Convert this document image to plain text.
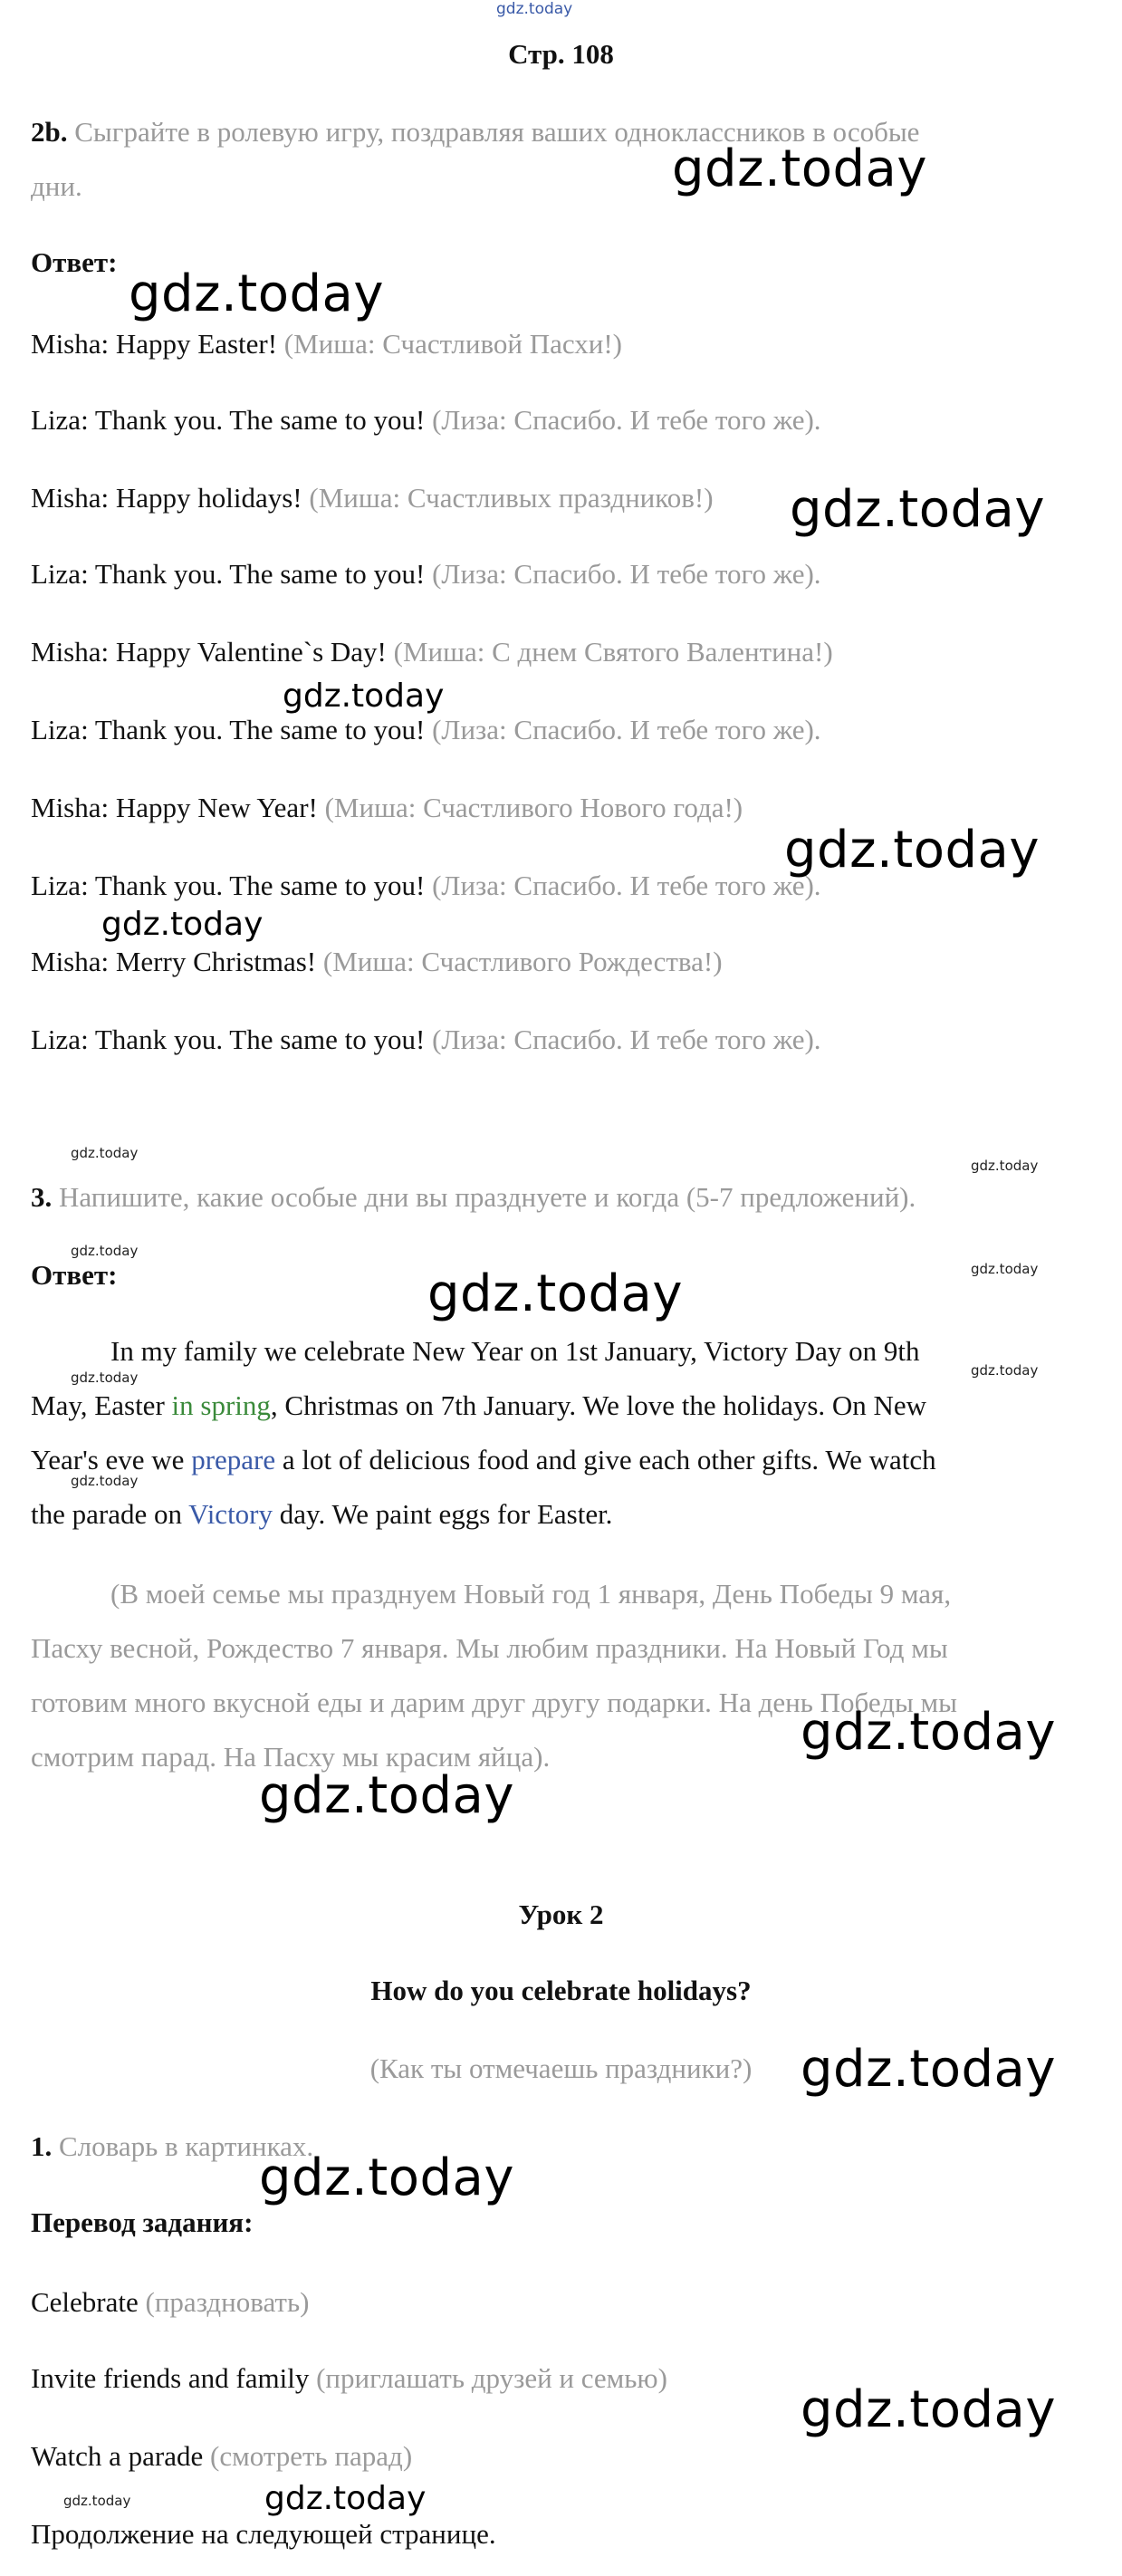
gdz.today
Стр. 108
2b. Сыграйте в ролевую игру, поздравляя ваших одноклассников в особые
дни.
Ответ:
Misha: Happy Easter! (Миша: Счастливой Пасхи!)
Liza: Thank you. The same to you! (Лиза: Спасибо. И тебе того же).
Misha: Happy holidays! (Миша: Счастливых праздников!)
Liza: Thank you. The same to you! (Лиза: Спасибо. И тебе того же).
Misha: Happy Valentine`s Day! (Миша: С днем Святого Валентина!)
Liza: Thank you. The same to you! (Лиза: Спасибо. И тебе того же).
Misha: Happy New Year! (Миша: Счастливого Нового года!)
Liza: Thank you. The same to you! (Лиза: Спасибо. И тебе того же).
Misha: Merry Christmas! (Миша: Счастливого Рождества!)
Liza: Thank you. The same to you! (Лиза: Спасибо. И тебе того же).
3. Напишите, какие особые дни вы празднуете и когда (5-7 предложений).
Ответ:
In my family we celebrate New Year on 1st January, Victory Day on 9th
May, Easter in spring, Christmas on 7th January. We love the holidays. On New
Year's eve we prepare a lot of delicious food and give each other gifts. We watch
the parade on Victory day. We paint eggs for Easter.
(В моей семье мы празднуем Новый год 1 января, День Победы 9 мая,
Пасху весной, Рождество 7 января. Мы любим праздники. На Новый Год мы
готовим много вкусной еды и дарим друг другу подарки. На день Победы мы
смотрим парад. На Пасху мы красим яйца).
Урок 2
How do you celebrate holidays?
(Как ты отмечаешь праздники?)
1. Словарь в картинках.
Перевод задания:
Celebrate (праздновать)
Invite friends and family (приглашать друзей и семью)
Watch a parade (смотреть парад)
Продолжение на следующей странице.
gdz.today
gdz.today
gdz.today
gdz.today
gdz.today
gdz.today
gdz.today
gdz.today
gdz.today
gdz.today
gdz.today
gdz.today
gdz.today
gdz.today
gdz.today
gdz.today
gdz.today
gdz.today	gdz.today
gdz.today
gdz.today
